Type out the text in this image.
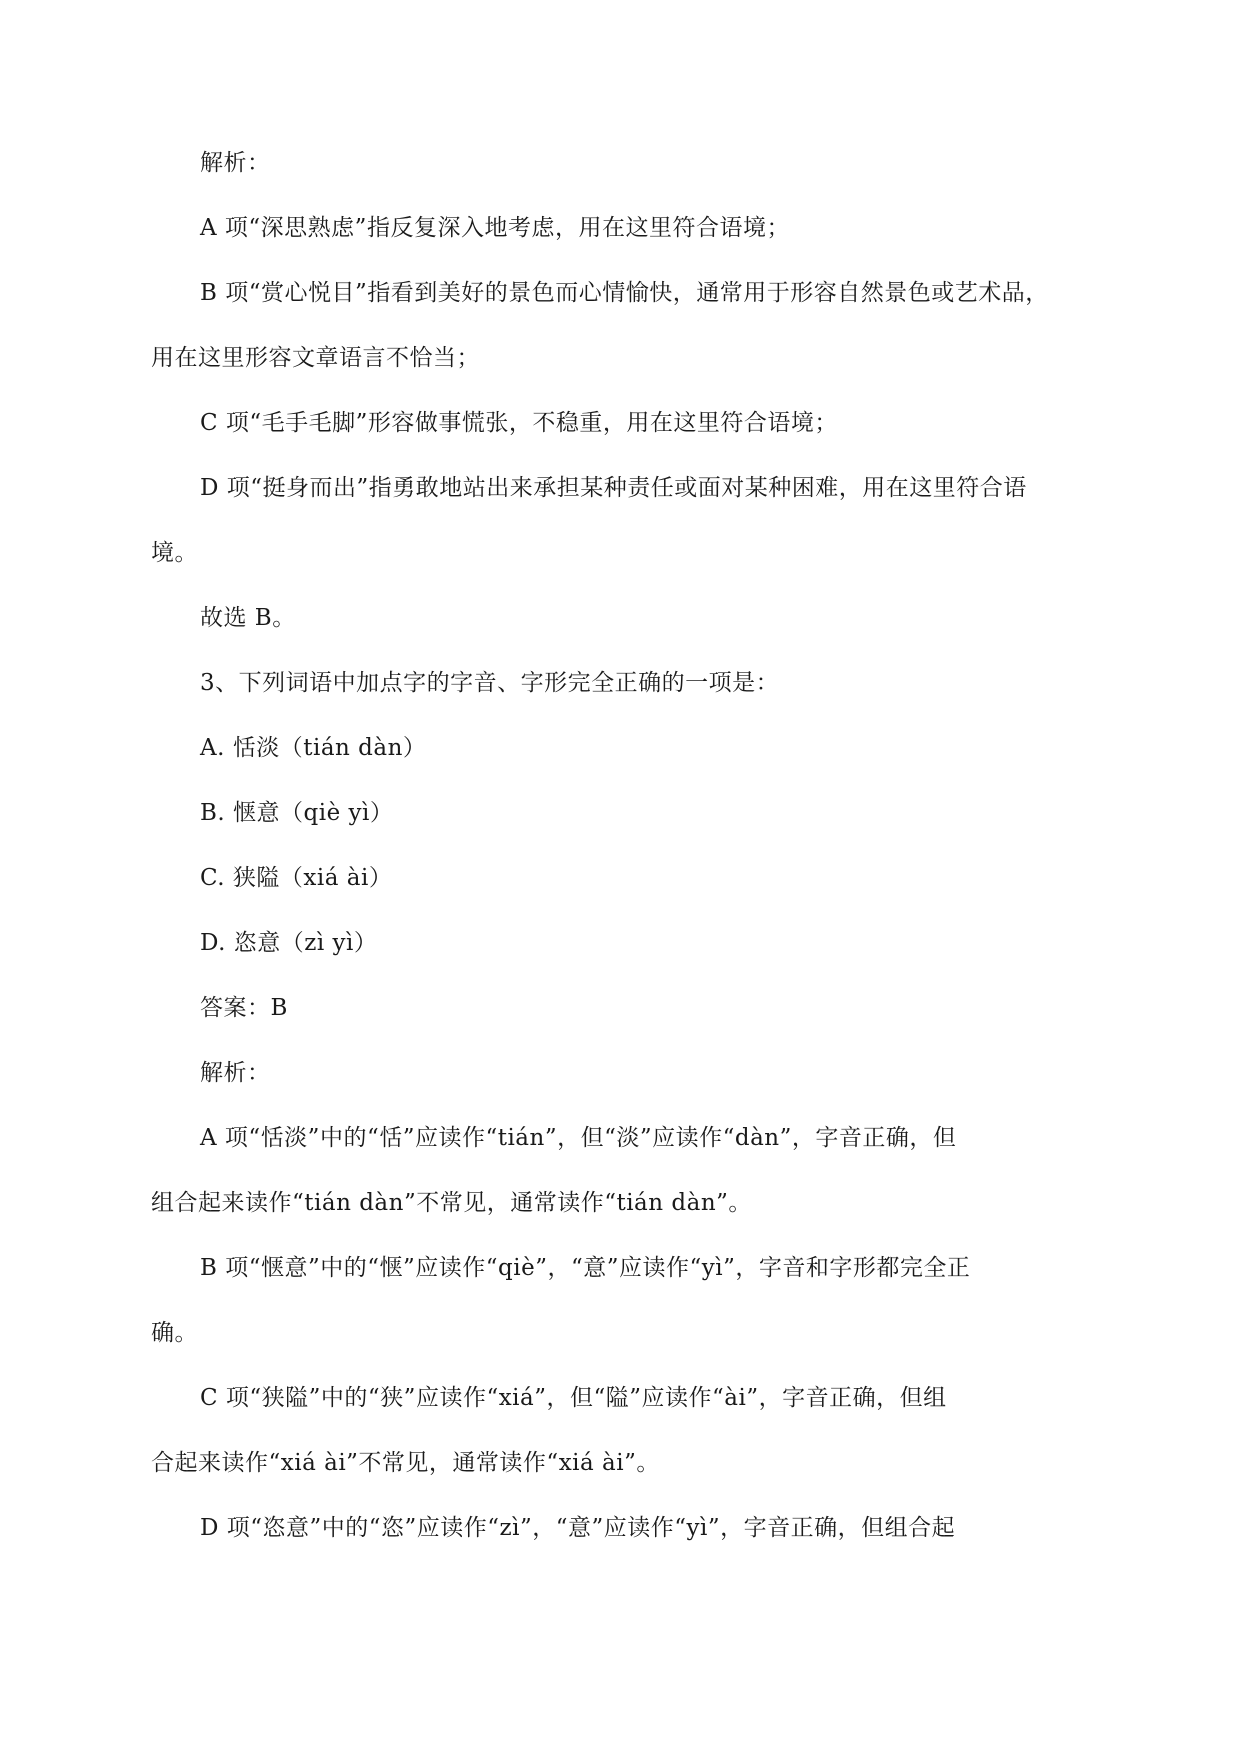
解析：
A 项“深思熟虑”指反复深入地考虑，用在这里符合语境；
B 项“赏心悦目”指看到美好的景色而心情愉快，通常用于形容自然景色或艺术品，
用在这里形容文章语言不恰当；
C 项“毛手毛脚”形容做事慌张，不稳重，用在这里符合语境；
D 项“挺身而出”指勇敢地站出来承担某种责任或面对某种困难，用在这里符合语
境。
故选 B。
3、下列词语中加点字的字音、字形完全正确的一项是：
A. 恬淡（tián dàn）
B. 惬意（qiè yì）
C. 狭隘（xiá ài）
D. 恣意（zì yì）
答案：B
解析：
A 项“恬淡”中的“恬”应读作“tián”，但“淡”应读作“dàn”，字音正确，但
组合起来读作“tián dàn”不常见，通常读作“tián dàn”。
B 项“惬意”中的“惬”应读作“qiè”，“意”应读作“yì”，字音和字形都完全正
确。
C 项“狭隘”中的“狭”应读作“xiá”，但“隘”应读作“ài”，字音正确，但组
合起来读作“xiá ài”不常见，通常读作“xiá ài”。
D 项“恣意”中的“恣”应读作“zì”，“意”应读作“yì”，字音正确，但组合起
